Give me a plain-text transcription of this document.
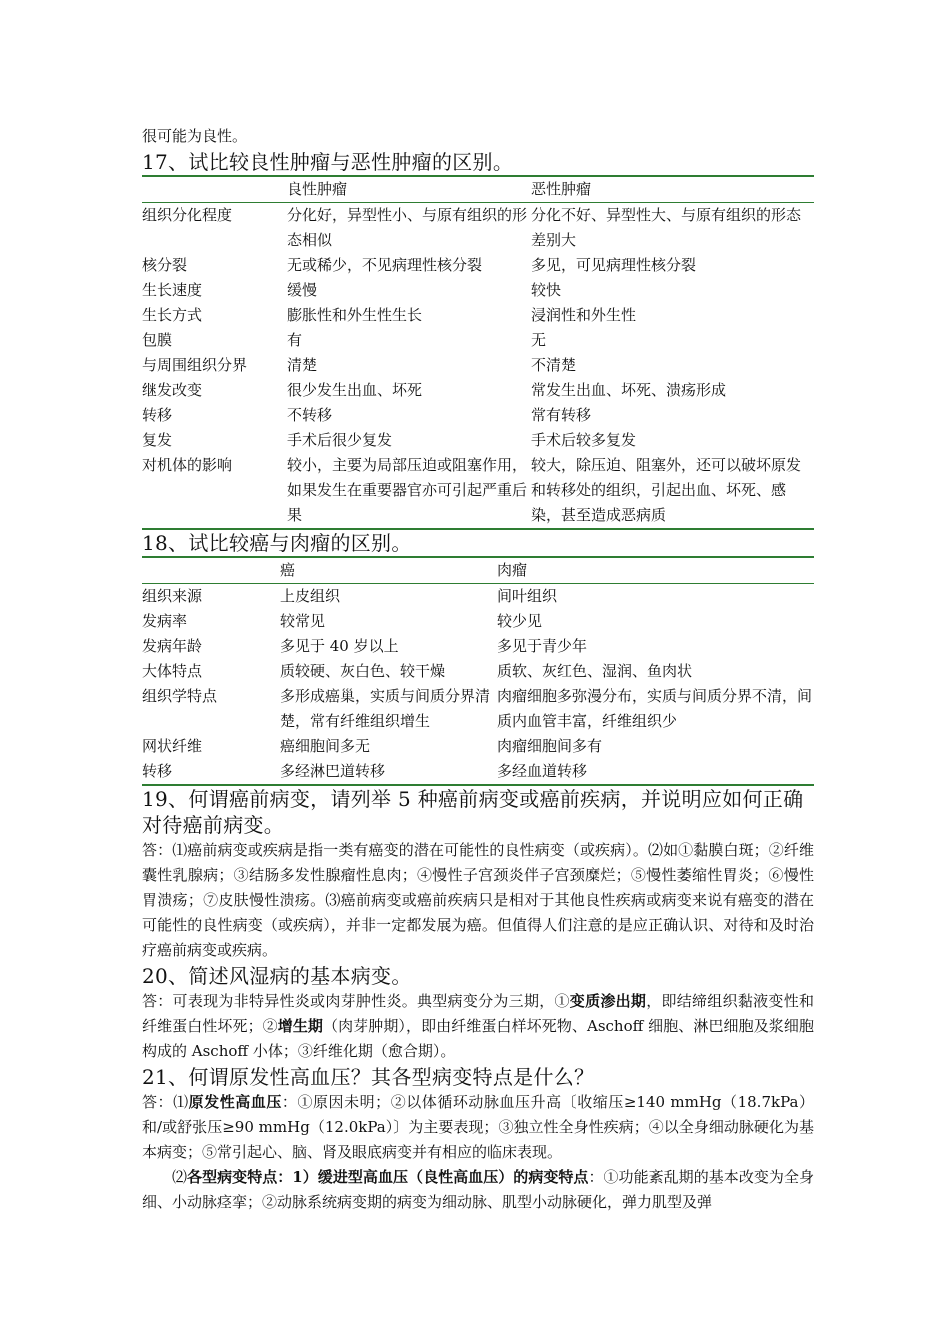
很可能为良性。

17、试比较良性肿瘤与恶性肿瘤的区别。

	良性肿瘤	恶性肿瘤
组织分化程度	分化好，异型性小、与原有组织的形态相似	分化不好、异型性大、与原有组织的形态差别大
核分裂	无或稀少，不见病理性核分裂	多见，可见病理性核分裂
生长速度	缓慢	较快
生长方式	膨胀性和外生性生长	浸润性和外生性
包膜	有	无
与周围组织分界	清楚	不清楚
继发改变	很少发生出血、坏死	常发生出血、坏死、溃疡形成
转移	不转移	常有转移
复发	手术后很少复发	手术后较多复发
对机体的影响	较小，主要为局部压迫或阻塞作用，如果发生在重要器官亦可引起严重后果	较大，除压迫、阻塞外，还可以破坏原发和转移处的组织，引起出血、坏死、感染，甚至造成恶病质

18、试比较癌与肉瘤的区别。

	癌	肉瘤
组织来源	上皮组织	间叶组织
发病率	较常见	较少见
发病年龄	多见于 40 岁以上	多见于青少年
大体特点	质较硬、灰白色、较干燥	质软、灰红色、湿润、鱼肉状
组织学特点	多形成癌巢，实质与间质分界清楚，常有纤维组织增生	肉瘤细胞多弥漫分布，实质与间质分界不清，间质内血管丰富，纤维组织少
网状纤维	癌细胞间多无	肉瘤细胞间多有
转移	多经淋巴道转移	多经血道转移

19、何谓癌前病变，请列举 5 种癌前病变或癌前疾病，并说明应如何正确对待癌前病变。

答：⑴癌前病变或疾病是指一类有癌变的潜在可能性的良性病变（或疾病）。⑵如①黏膜白斑；②纤维囊性乳腺病；③结肠多发性腺瘤性息肉；④慢性子宫颈炎伴子宫颈糜烂；⑤慢性萎缩性胃炎；⑥慢性胃溃疡；⑦皮肤慢性溃疡。⑶癌前病变或癌前疾病只是相对于其他良性疾病或病变来说有癌变的潜在可能性的良性病变（或疾病），并非一定都发展为癌。但值得人们注意的是应正确认识、对待和及时治疗癌前病变或疾病。

20、简述风湿病的基本病变。

答：可表现为非特异性炎或肉芽肿性炎。典型病变分为三期，①变质渗出期，即结缔组织黏液变性和纤维蛋白性坏死；②增生期（肉芽肿期），即由纤维蛋白样坏死物、Aschoff 细胞、淋巴细胞及浆细胞构成的 Aschoff 小体；③纤维化期（愈合期）。

21、何谓原发性高血压？其各型病变特点是什么？

答：⑴原发性高血压：①原因未明；②以体循环动脉血压升高〔收缩压≥140 mmHg（18.7kPa）和/或舒张压≥90 mmHg（12.0kPa）〕为主要表现；③独立性全身性疾病；④以全身细动脉硬化为基本病变；⑤常引起心、脑、肾及眼底病变并有相应的临床表现。

⑵各型病变特点：1）缓进型高血压（良性高血压）的病变特点：①功能紊乱期的基本改变为全身细、小动脉痉挛；②动脉系统病变期的病变为细动脉、肌型小动脉硬化，弹力肌型及弹
